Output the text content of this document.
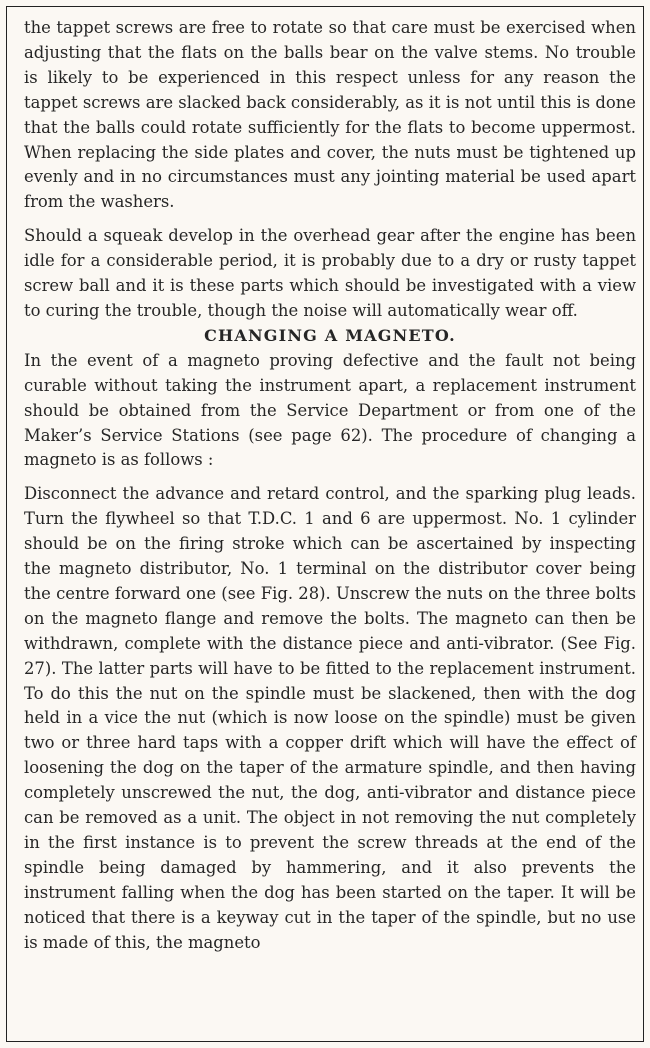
the tappet screws are free to rotate so that care must be exercised when adjusting that the flats on the balls bear on the valve stems. No trouble is likely to be experienced in this respect unless for any reason the tappet screws are slacked back considerably, as it is not until this is done that the balls could rotate sufficiently for the flats to become uppermost. When replacing the side plates and cover, the nuts must be tightened up evenly and in no circumstances must any jointing material be used apart from the washers.

Should a squeak develop in the overhead gear after the engine has been idle for a considerable period, it is probably due to a dry or rusty tappet screw ball and it is these parts which should be investigated with a view to curing the trouble, though the noise will automatically wear off.

CHANGING A MAGNETO.

In the event of a magneto proving defective and the fault not being curable without taking the instrument apart, a replacement instrument should be obtained from the Service Department or from one of the Maker’s Service Stations (see page 62). The procedure of changing a magneto is as follows :

Disconnect the advance and retard control, and the sparking plug leads. Turn the flywheel so that T.D.C. 1 and 6 are uppermost. No. 1 cylinder should be on the firing stroke which can be ascertained by inspecting the magneto distributor, No. 1 terminal on the distributor cover being the centre forward one (see Fig. 28). Unscrew the nuts on the three bolts on the magneto flange and remove the bolts. The magneto can then be withdrawn, complete with the distance piece and anti-vibrator. (See Fig. 27). The latter parts will have to be fitted to the replacement instrument. To do this the nut on the spindle must be slackened, then with the dog held in a vice the nut (which is now loose on the spindle) must be given two or three hard taps with a copper drift which will have the effect of loosening the dog on the taper of the armature spindle, and then having completely unscrewed the nut, the dog, anti-vibrator and distance piece can be removed as a unit. The object in not removing the nut completely in the first instance is to prevent the screw threads at the end of the spindle being damaged by hammering, and it also prevents the instrument falling when the dog has been started on the taper. It will be noticed that there is a keyway cut in the taper of the spindle, but no use is made of this, the magneto
